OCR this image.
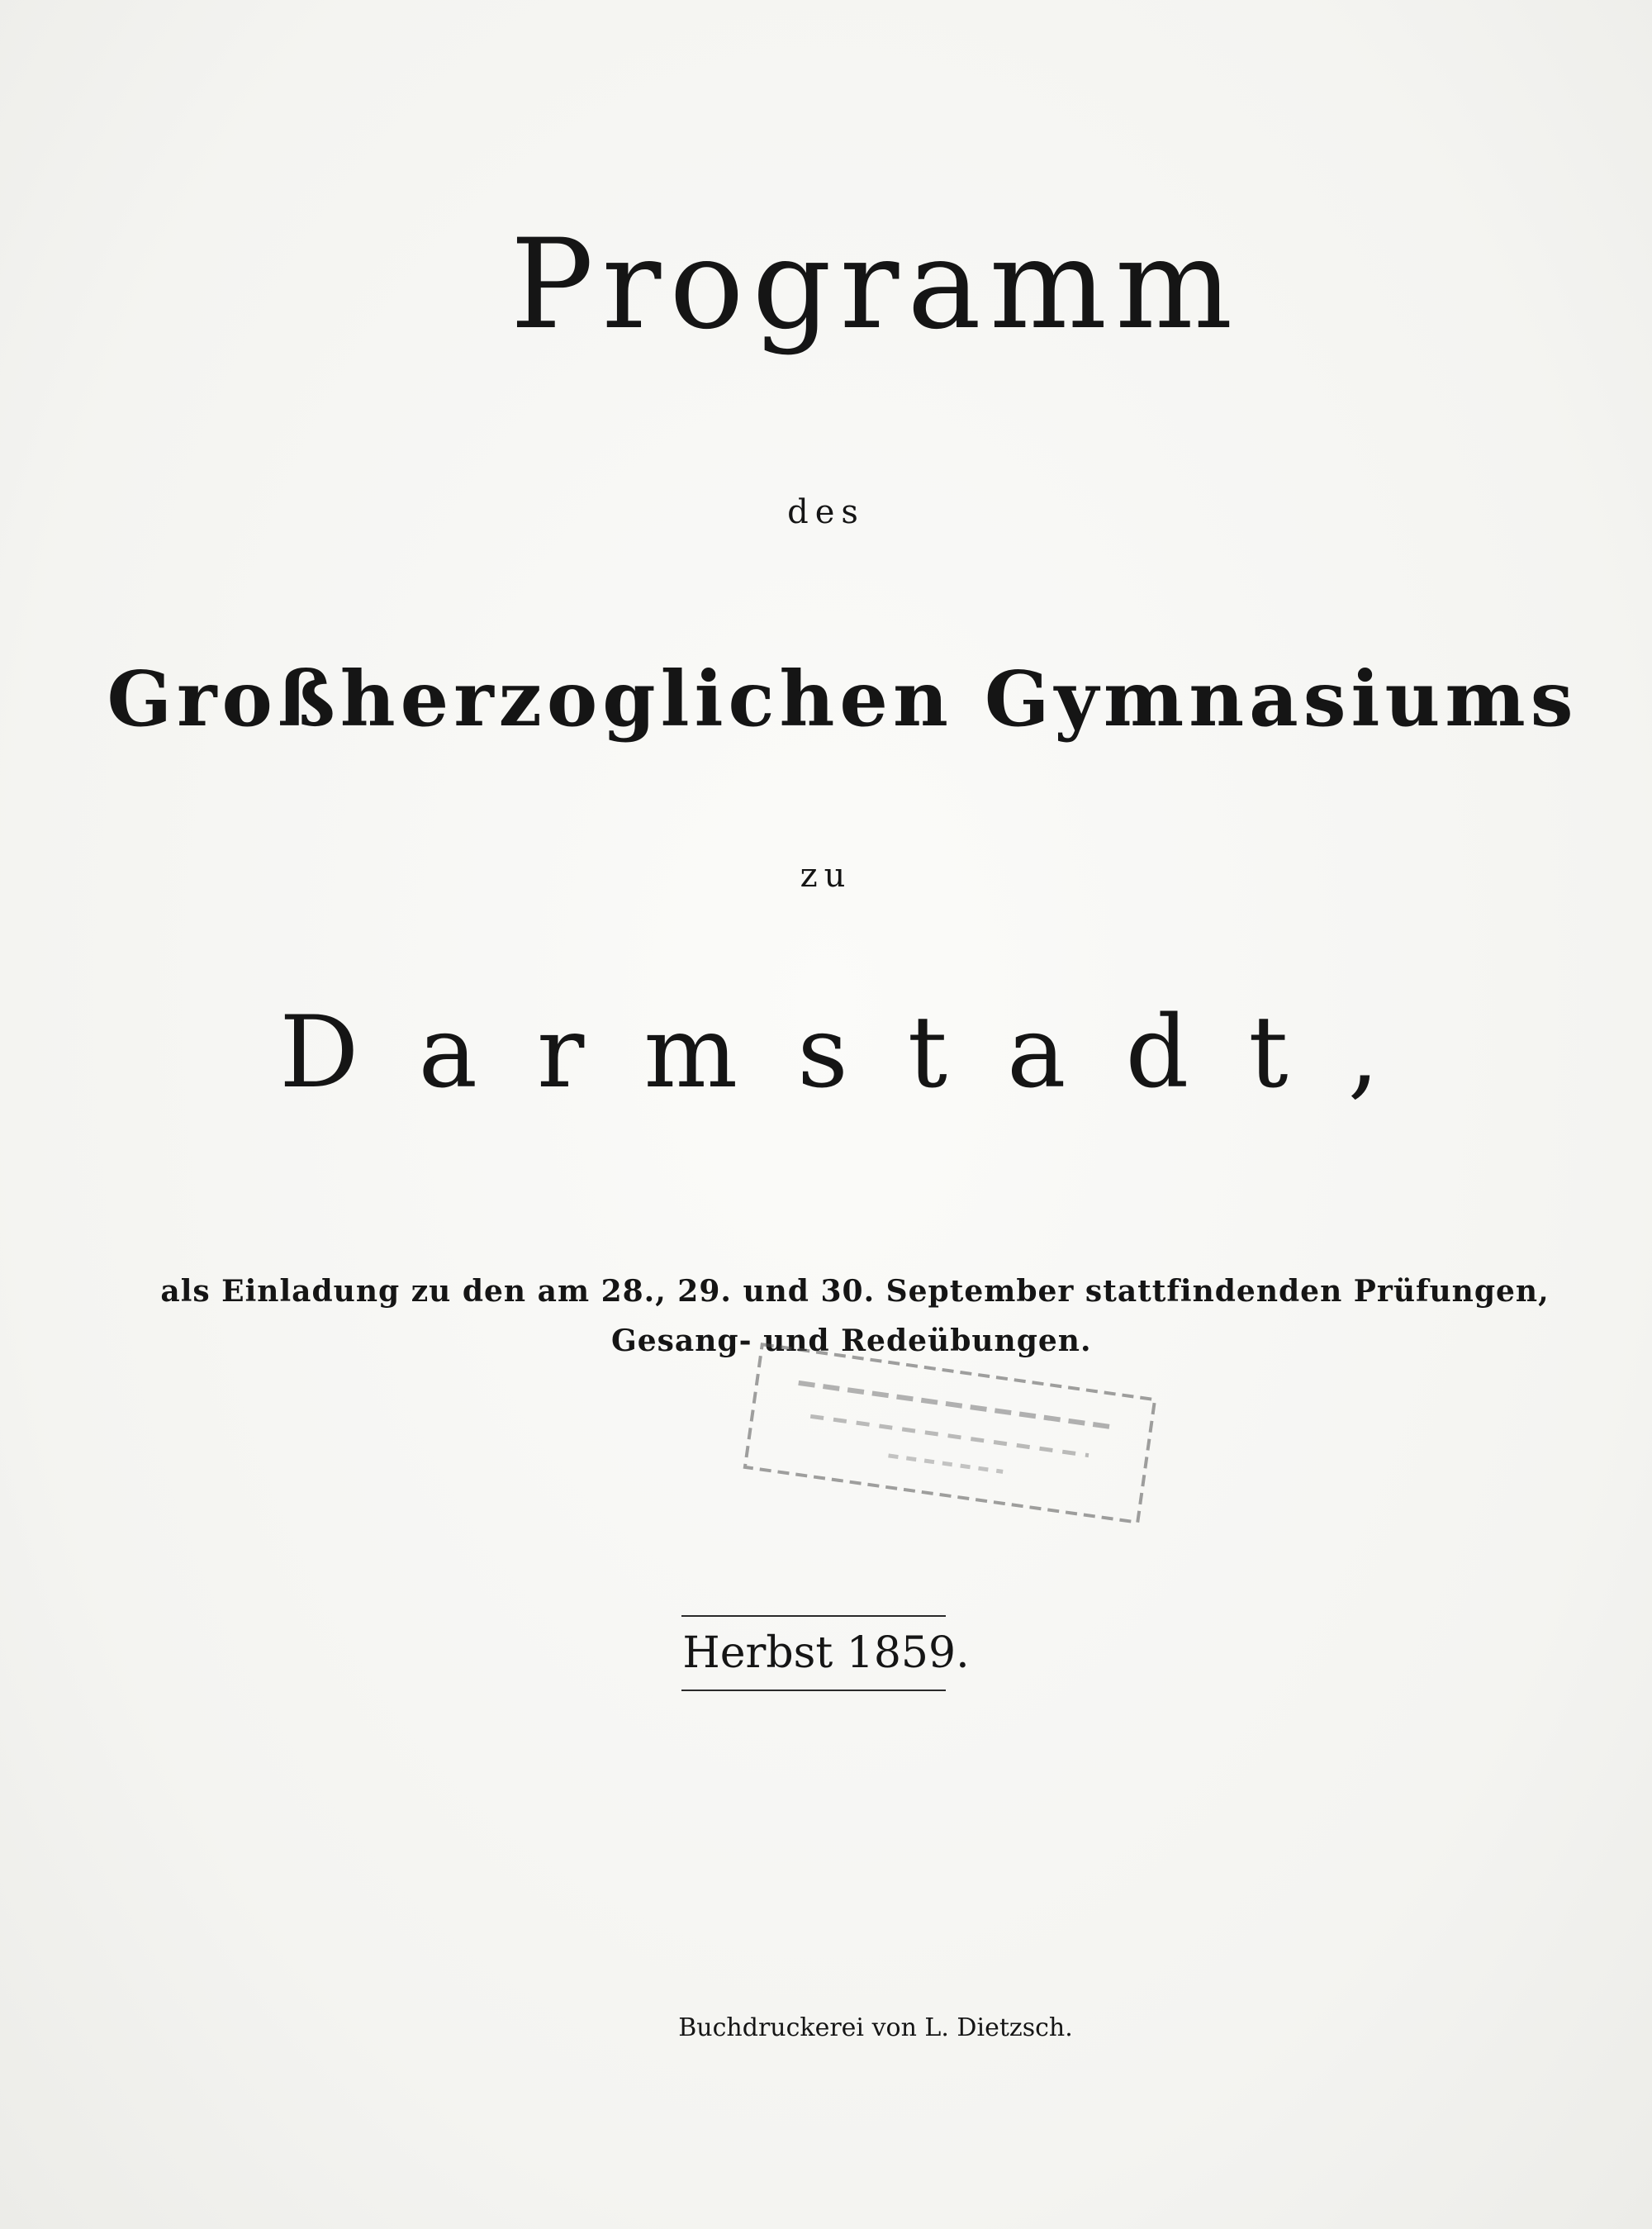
Programm
des
Großherzoglichen Gymnasiums
zu
Darmstadt,
als Einladung zu den am 28., 29. und 30. September stattfindenden Prüfungen,
Gesang- und Redeübungen.
Herbst 1859.
Buchdruckerei von L. Dietzsch.
